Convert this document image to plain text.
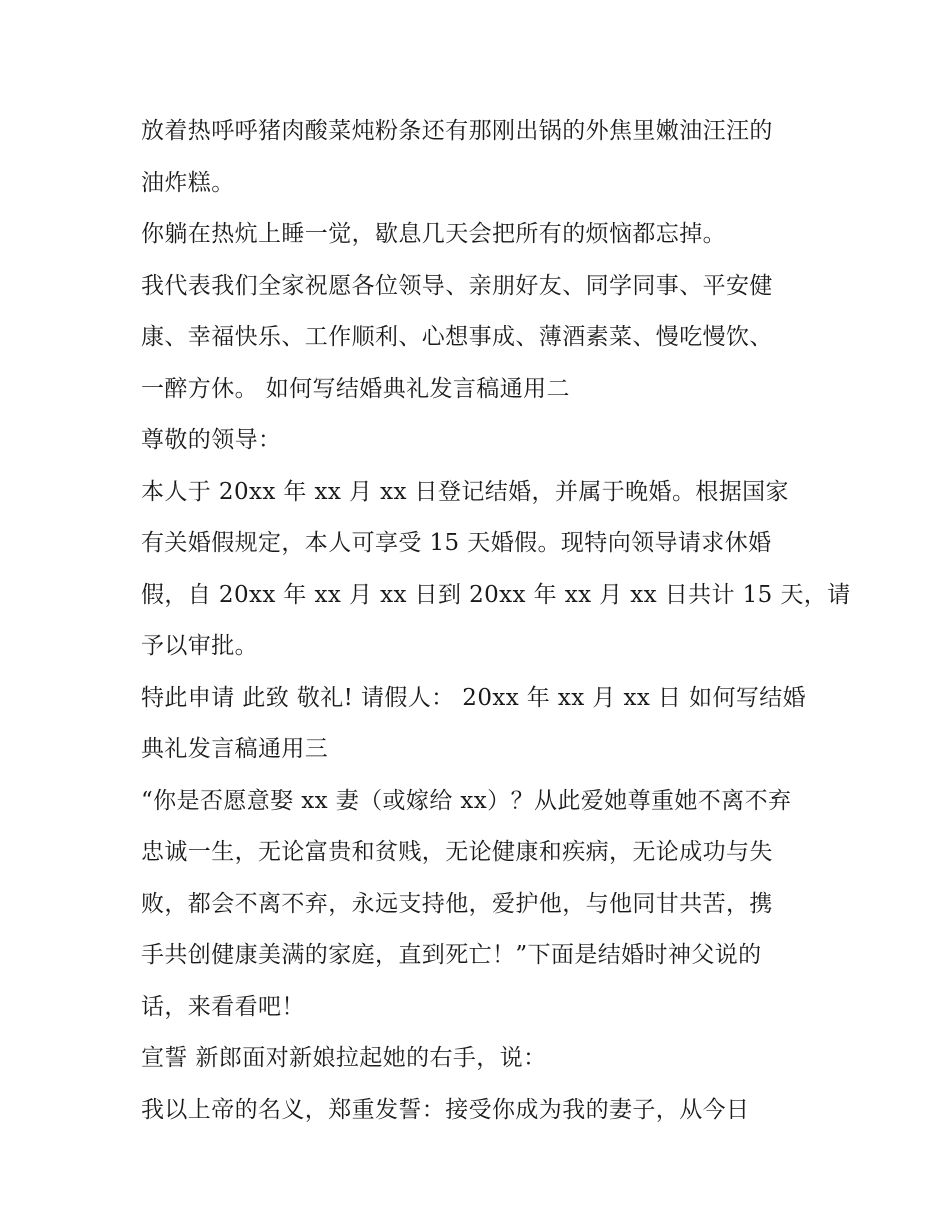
放着热呼呼猪肉酸菜炖粉条还有那刚出锅的外焦里嫩油汪汪的
油炸糕。
你躺在热炕上睡一觉，歇息几天会把所有的烦恼都忘掉。
我代表我们全家祝愿各位领导、亲朋好友、同学同事、平安健
康、幸福快乐、工作顺利、心想事成、薄酒素菜、慢吃慢饮、
一醉方休。 如何写结婚典礼发言稿通用二
尊敬的领导：
本人于 20xx 年 xx 月 xx 日登记结婚，并属于晚婚。根据国家
有关婚假规定，本人可享受 15 天婚假。现特向领导请求休婚
假，自 20xx 年 xx 月 xx 日到 20xx 年 xx 月 xx 日共计 15 天，请
予以审批。
特此申请 此致 敬礼! 请假人： 20xx 年 xx 月 xx 日 如何写结婚
典礼发言稿通用三
“你是否愿意娶 xx 妻（或嫁给 xx）？从此爱她尊重她不离不弃
忠诚一生，无论富贵和贫贱，无论健康和疾病，无论成功与失
败，都会不离不弃，永远支持他，爱护他，与他同甘共苦，携
手共创健康美满的家庭，直到死亡！”下面是结婚时神父说的
话，来看看吧！
宣誓 新郎面对新娘拉起她的右手，说：
我以上帝的名义，郑重发誓：接受你成为我的妻子，从今日
